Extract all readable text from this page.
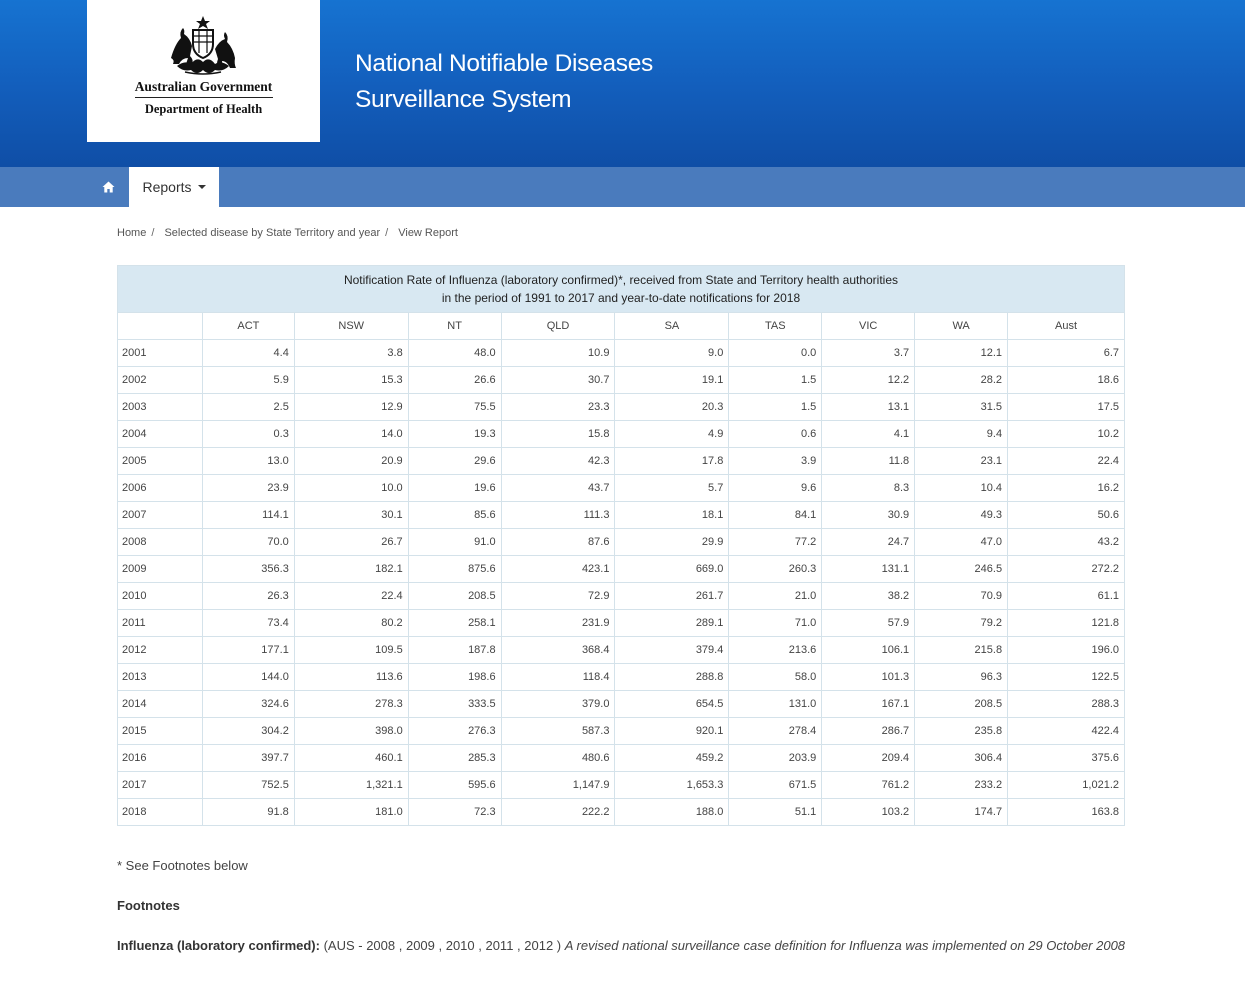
Australian Government
Department of Health
National Notifiable Diseases
Surveillance System
Reports
Home / Selected disease by State Territory and year / View Report
Notification Rate of Influenza (laboratory confirmed)*, received from State and Territory health authorities
in the period of 1991 to 2017 and year-to-date notifications for 2018									

	ACT	NSW	NT	QLD	SA	TAS	VIC	WA	Aust
2001	4.4	3.8	48.0	10.9	9.0	0.0	3.7	12.1	6.7
2002	5.9	15.3	26.6	30.7	19.1	1.5	12.2	28.2	18.6
2003	2.5	12.9	75.5	23.3	20.3	1.5	13.1	31.5	17.5
2004	0.3	14.0	19.3	15.8	4.9	0.6	4.1	9.4	10.2
2005	13.0	20.9	29.6	42.3	17.8	3.9	11.8	23.1	22.4
2006	23.9	10.0	19.6	43.7	5.7	9.6	8.3	10.4	16.2
2007	114.1	30.1	85.6	111.3	18.1	84.1	30.9	49.3	50.6
2008	70.0	26.7	91.0	87.6	29.9	77.2	24.7	47.0	43.2
2009	356.3	182.1	875.6	423.1	669.0	260.3	131.1	246.5	272.2
2010	26.3	22.4	208.5	72.9	261.7	21.0	38.2	70.9	61.1
2011	73.4	80.2	258.1	231.9	289.1	71.0	57.9	79.2	121.8
2012	177.1	109.5	187.8	368.4	379.4	213.6	106.1	215.8	196.0
2013	144.0	113.6	198.6	118.4	288.8	58.0	101.3	96.3	122.5
2014	324.6	278.3	333.5	379.0	654.5	131.0	167.1	208.5	288.3
2015	304.2	398.0	276.3	587.3	920.1	278.4	286.7	235.8	422.4
2016	397.7	460.1	285.3	480.6	459.2	203.9	209.4	306.4	375.6
2017	752.5	1,321.1	595.6	1,147.9	1,653.3	671.5	761.2	233.2	1,021.2
2018	91.8	181.0	72.3	222.2	188.0	51.1	103.2	174.7	163.8
* See Footnotes below
Footnotes
Influenza (laboratory confirmed): (AUS - 2008 , 2009 , 2010 , 2011 , 2012 ) A revised national surveillance case definition for Influenza was implemented on 29 October 2008
